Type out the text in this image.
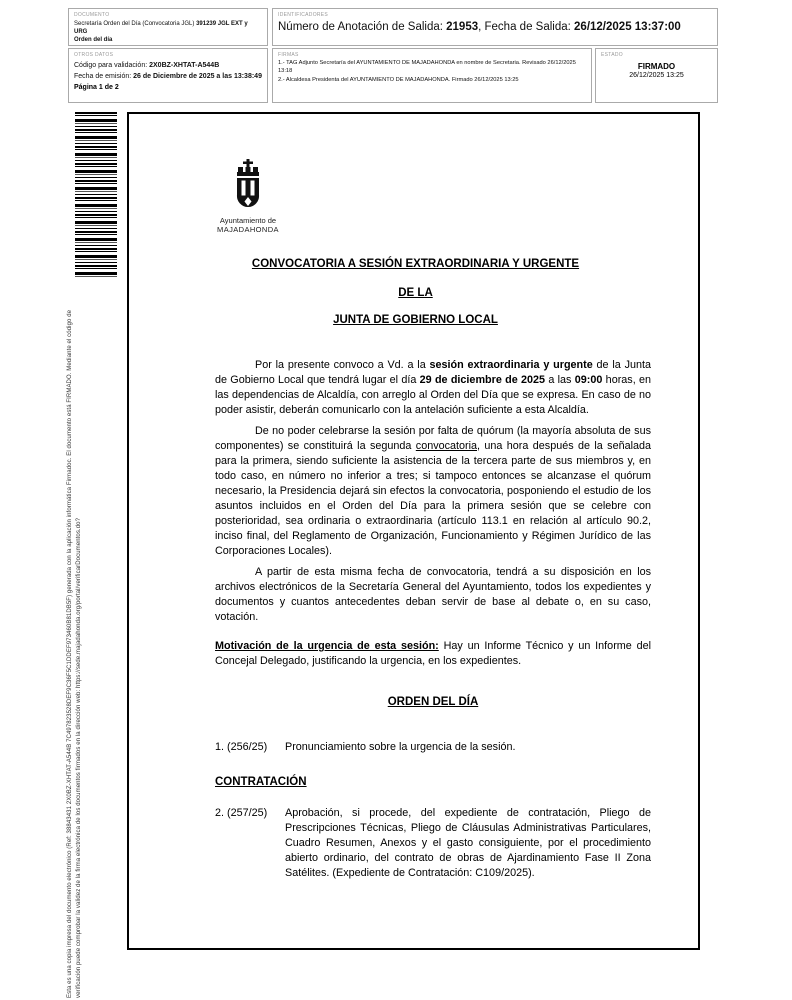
DOCUMENTO
Secretaría Orden del Día (Convocatoria JGL) 391239 JGL EXT y URG
Orden del día
IDENTIFICADORES
Número de Anotación de Salida: 21953, Fecha de Salida: 26/12/2025 13:37:00
OTROS DATOS
Código para validación: 2X0BZ-XHTAT-A544B
Fecha de emisión: 26 de Diciembre de 2025 a las 13:38:49
Página 1 de 2
FIRMAS
1.- TAG Adjunto Secretaría del AYUNTAMIENTO DE MAJADAHONDA en nombre de Secretaria. Revisado 26/12/2025 13:18
2.- Alcaldesa Presidenta del AYUNTAMIENTO DE MAJADAHONDA. Firmado 26/12/2025 13:25
ESTADO
FIRMADO
26/12/2025 13:25
Esta es una copia impresa del documento electrónico (Ref: 38843431 2X0BZ-XHTAT-A544B 7C497823528DEF9C36F5C1DDEF973460B81DB5F) generada con la aplicación informática Firmadoc. El documento está FIRMADO. Mediante el código de verificación puede comprobar la validez de la firma electrónica de los documentos firmados en la dirección web: https://sede.majadahonda.org/portal/verificarDocumentos.do?
Ayuntamiento de
MAJADAHONDA
CONVOCATORIA A SESIÓN EXTRAORDINARIA Y URGENTE
DE LA
JUNTA DE GOBIERNO LOCAL

Por la presente convoco a Vd. a la sesión extraordinaria y urgente de la Junta de Gobierno Local que tendrá lugar el día 29 de diciembre de 2025 a las 09:00 horas, en las dependencias de Alcaldía, con arreglo al Orden del Día que se expresa. En caso de no poder asistir, deberán comunicarlo con la antelación suficiente a esta Alcaldía.

De no poder celebrarse la sesión por falta de quórum (la mayoría absoluta de sus componentes) se constituirá la segunda convocatoria, una hora después de la señalada para la primera, siendo suficiente la asistencia de la tercera parte de sus miembros y, en todo caso, en número no inferior a tres; si tampoco entonces se alcanzase el quórum necesario, la Presidencia dejará sin efectos la convocatoria, posponiendo el estudio de los asuntos incluidos en el Orden del Día para la primera sesión que se celebre con posterioridad, sea ordinaria o extraordinaria (artículo 113.1 en relación al artículo 90.2, inciso final, del Reglamento de Organización, Funcionamiento y Régimen Jurídico de las Corporaciones Locales).

A partir de esta misma fecha de convocatoria, tendrá a su disposición en los archivos electrónicos de la Secretaría General del Ayuntamiento, todos los expedientes y documentos y cuantos antecedentes deban servir de base al debate o, en su caso, votación.

Motivación de la urgencia de esta sesión: Hay un Informe Técnico y un Informe del Concejal Delegado, justificando la urgencia, en los expedientes.

ORDEN DEL DÍA
1. (256/25)	Pronunciamiento sobre la urgencia de la sesión.
CONTRATACIÓN
2. (257/25)	Aprobación, si procede, del expediente de contratación, Pliego de Prescripciones Técnicas, Pliego de Cláusulas Administrativas Particulares, Cuadro Resumen, Anexos y el gasto consiguiente, por el procedimiento abierto ordinario, del contrato de obras de Ajardinamiento Fase II Zona Satélites. (Expediente de Contratación: C109/2025).
